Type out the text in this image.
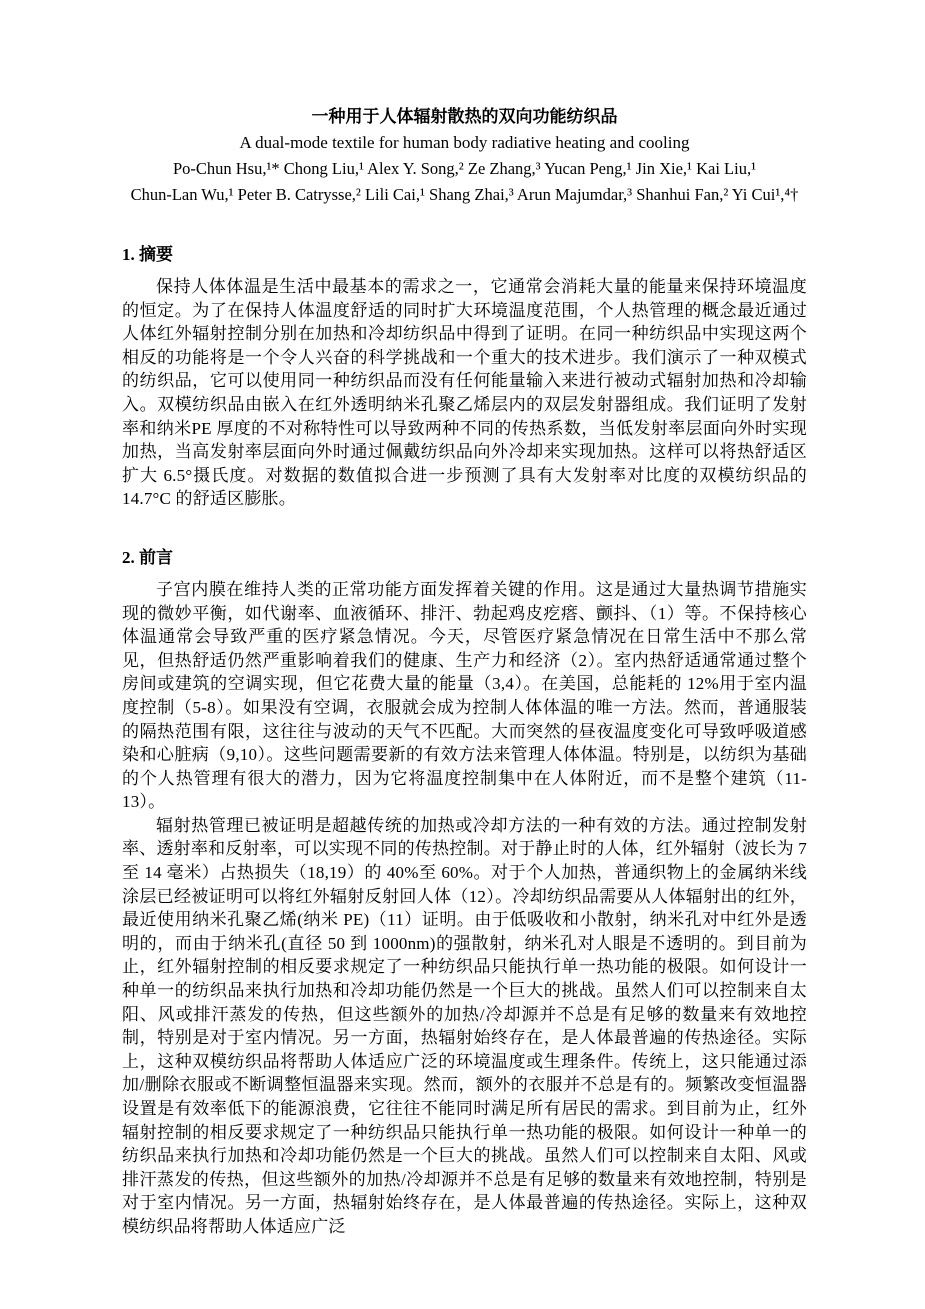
一种用于人体辐射散热的双向功能纺织品
A dual-mode textile for human body radiative heating and cooling
Po-Chun Hsu,¹* Chong Liu,¹ Alex Y. Song,² Ze Zhang,³ Yucan Peng,¹ Jin Xie,¹ Kai Liu,¹
Chun-Lan Wu,¹ Peter B. Catrysse,² Lili Cai,¹ Shang Zhai,³ Arun Majumdar,³ Shanhui Fan,² Yi Cui¹,⁴†
1. 摘要

保持人体体温是生活中最基本的需求之一，它通常会消耗大量的能量来保持环境温度的恒定。为了在保持人体温度舒适的同时扩大环境温度范围，个人热管理的概念最近通过人体红外辐射控制分别在加热和冷却纺织品中得到了证明。在同一种纺织品中实现这两个相反的功能将是一个令人兴奋的科学挑战和一个重大的技术进步。我们演示了一种双模式的纺织品，它可以使用同一种纺织品而没有任何能量输入来进行被动式辐射加热和冷却输入。双模纺织品由嵌入在红外透明纳米孔聚乙烯层内的双层发射器组成。我们证明了发射率和纳米PE 厚度的不对称特性可以导致两种不同的传热系数，当低发射率层面向外时实现加热，当高发射率层面向外时通过佩戴纺织品向外冷却来实现加热。这样可以将热舒适区扩大 6.5°摄氏度。对数据的数值拟合进一步预测了具有大发射率对比度的双模纺织品的 14.7°C 的舒适区膨胀。

2. 前言

子宫内膜在维持人类的正常功能方面发挥着关键的作用。这是通过大量热调节措施实现的微妙平衡，如代谢率、血液循环、排汗、勃起鸡皮疙瘩、颤抖、（1）等。不保持核心体温通常会导致严重的医疗紧急情况。今天，尽管医疗紧急情况在日常生活中不那么常见，但热舒适仍然严重影响着我们的健康、生产力和经济（2）。室内热舒适通常通过整个房间或建筑的空调实现，但它花费大量的能量（3,4）。在美国，总能耗的 12%用于室内温度控制（5-8）。如果没有空调，衣服就会成为控制人体体温的唯一方法。然而，普通服装的隔热范围有限，这往往与波动的天气不匹配。大而突然的昼夜温度变化可导致呼吸道感染和心脏病（9,10）。这些问题需要新的有效方法来管理人体体温。特别是，以纺织为基础的个人热管理有很大的潜力，因为它将温度控制集中在人体附近，而不是整个建筑（11-13）。

辐射热管理已被证明是超越传统的加热或冷却方法的一种有效的方法。通过控制发射率、透射率和反射率，可以实现不同的传热控制。对于静止时的人体，红外辐射（波长为 7至 14 毫米）占热损失（18,19）的 40%至 60%。对于个人加热，普通织物上的金属纳米线涂层已经被证明可以将红外辐射反射回人体（12）。冷却纺织品需要从人体辐射出的红外，最近使用纳米孔聚乙烯(纳米 PE)（11）证明。由于低吸收和小散射，纳米孔对中红外是透明的，而由于纳米孔(直径 50 到 1000nm)的强散射，纳米孔对人眼是不透明的。到目前为止，红外辐射控制的相反要求规定了一种纺织品只能执行单一热功能的极限。如何设计一种单一的纺织品来执行加热和冷却功能仍然是一个巨大的挑战。虽然人们可以控制来自太阳、风或排汗蒸发的传热，但这些额外的加热/冷却源并不总是有足够的数量来有效地控制，特别是对于室内情况。另一方面，热辐射始终存在，是人体最普遍的传热途径。实际上，这种双模纺织品将帮助人体适应广泛的环境温度或生理条件。传统上，这只能通过添加/删除衣服或不断调整恒温器来实现。然而，额外的衣服并不总是有的。频繁改变恒温器设置是有效率低下的能源浪费，它往往不能同时满足所有居民的需求。到目前为止，红外辐射控制的相反要求规定了一种纺织品只能执行单一热功能的极限。如何设计一种单一的纺织品来执行加热和冷却功能仍然是一个巨大的挑战。虽然人们可以控制来自太阳、风或排汗蒸发的传热，但这些额外的加热/冷却源并不总是有足够的数量来有效地控制，特别是对于室内情况。另一方面，热辐射始终存在，是人体最普遍的传热途径。实际上，这种双模纺织品将帮助人体适应广泛
